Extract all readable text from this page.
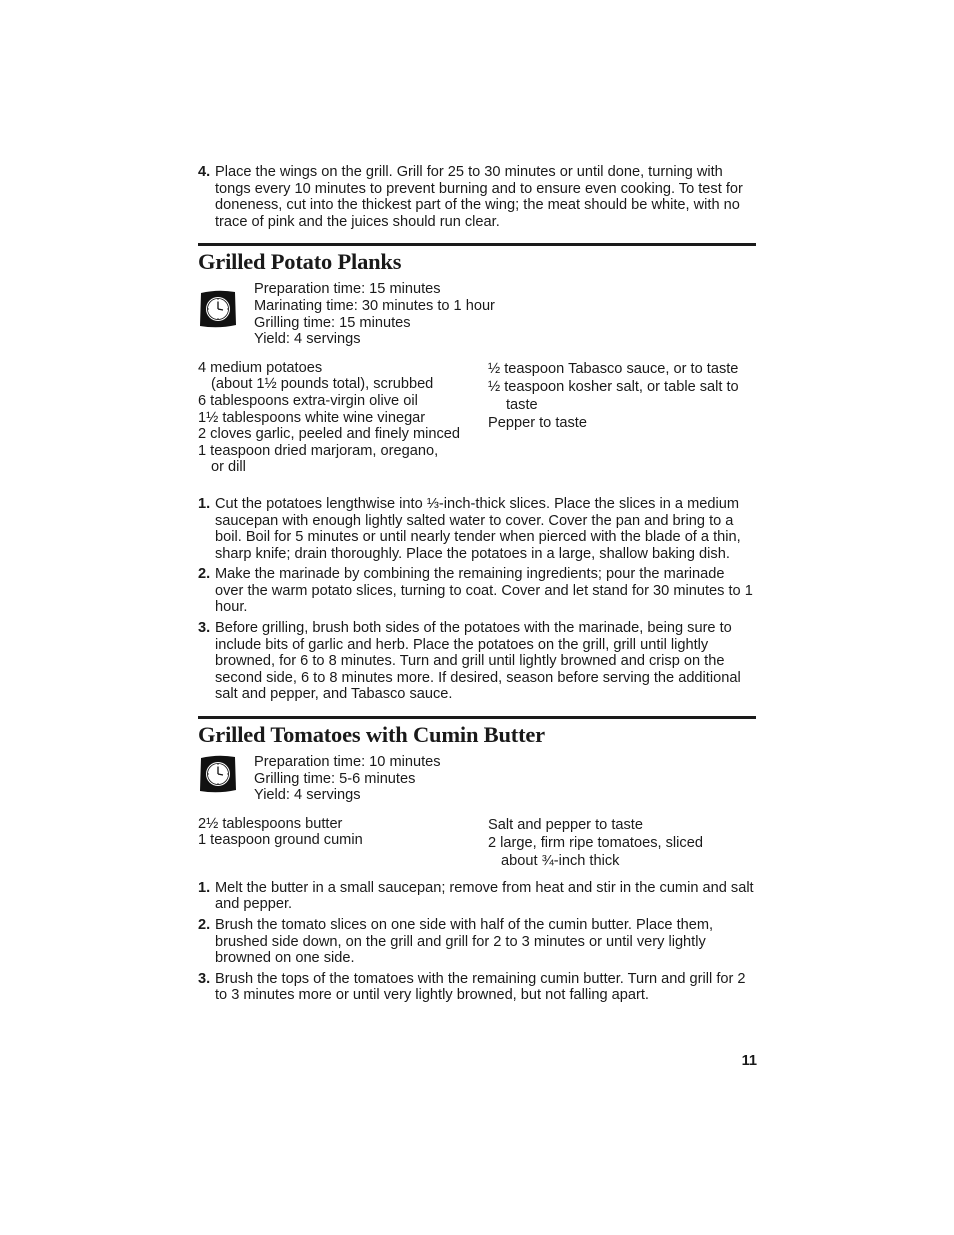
4. Place the wings on the grill. Grill for 25 to 30 minutes or until done, turning with tongs every 10 minutes to prevent burning and to ensure even cooking. To test for doneness, cut into the thickest part of the wing; the meat should be white, with no trace of pink and the juices should run clear.
Grilled Potato Planks
Preparation time: 15 minutes
Marinating time: 30 minutes to 1 hour
Grilling time: 15 minutes
Yield: 4 servings
4 medium potatoes
(about 1½ pounds total), scrubbed
6 tablespoons extra-virgin olive oil
1½ tablespoons white wine vinegar
2 cloves garlic, peeled and finely minced
1 teaspoon dried marjoram, oregano,
or dill
½ teaspoon Tabasco sauce, or to taste
½ teaspoon kosher salt, or table salt to
taste
Pepper to taste
1. Cut the potatoes lengthwise into ⅓-inch-thick slices. Place the slices in a medium saucepan with enough lightly salted water to cover. Cover the pan and bring to a boil. Boil for 5 minutes or until nearly tender when pierced with the blade of a thin, sharp knife; drain thoroughly. Place the potatoes in a large, shallow baking dish.
2. Make the marinade by combining the remaining ingredients; pour the marinade over the warm potato slices, turning to coat. Cover and let stand for 30 minutes to 1 hour.
3. Before grilling, brush both sides of the potatoes with the marinade, being sure to include bits of garlic and herb. Place the potatoes on the grill, grill until lightly browned, for 6 to 8 minutes. Turn and grill until lightly browned and crisp on the second side, 6 to 8 minutes more. If desired, season before serving the additional salt and pepper, and Tabasco sauce.
Grilled Tomatoes with Cumin Butter
Preparation time: 10 minutes
Grilling time: 5-6 minutes
Yield: 4 servings
2½ tablespoons butter
1 teaspoon ground cumin
Salt and pepper to taste
2 large, firm ripe tomatoes, sliced
about ¾-inch thick
1. Melt the butter in a small saucepan; remove from heat and stir in the cumin and salt and pepper.
2. Brush the tomato slices on one side with half of the cumin butter. Place them, brushed side down, on the grill and grill for 2 to 3 minutes or until very lightly browned on one side.
3. Brush the tops of the tomatoes with the remaining cumin butter. Turn and grill for 2 to 3 minutes more or until very lightly browned, but not falling apart.
11
